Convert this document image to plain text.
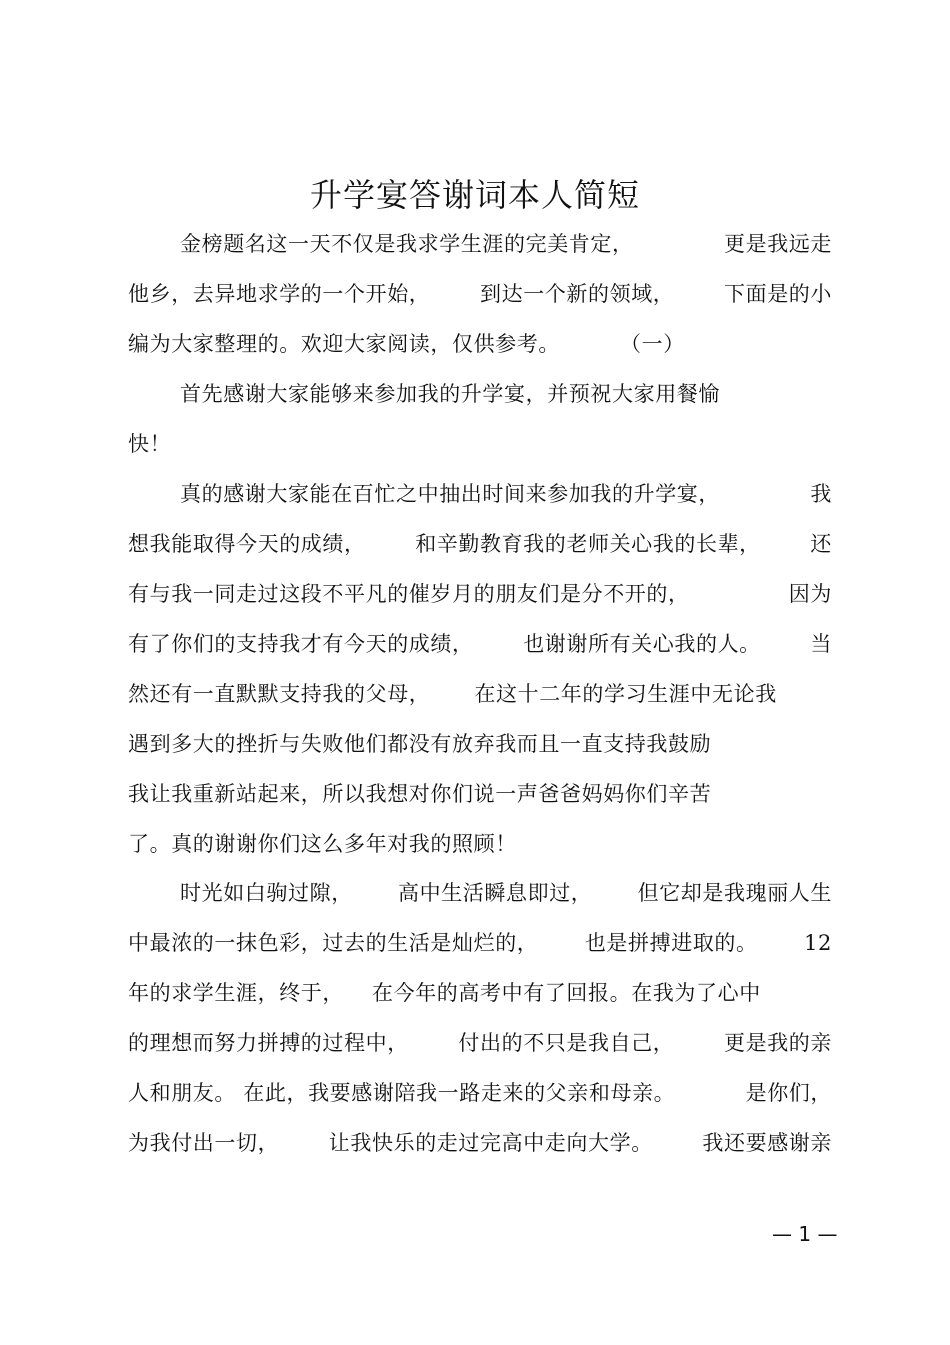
升学宴答谢词本人简短
金榜题名这一天不仅是我求学生涯的完美肯定，	更是我远走
他乡，去异地求学的一个开始， 到达一个新的领域， 下面是的小
编为大家整理的。欢迎大家阅读，仅供参考。	（一）
首先感谢大家能够来参加我的升学宴，并预祝大家用餐愉
快！
真的感谢大家能在百忙之中抽出时间来参加我的升学宴，	我
想我能取得今天的成绩， 和辛勤教育我的老师关心我的长辈， 还
有与我一同走过这段不平凡的催岁月的朋友们是分不开的，	因为
有了你们的支持我才有今天的成绩， 也谢谢所有关心我的人。 当
然还有一直默默支持我的父母， 在这十二年的学习生涯中无论我
遇到多大的挫折与失败他们都没有放弃我而且一直支持我鼓励
我让我重新站起来，所以我想对你们说一声爸爸妈妈你们辛苦
了。真的谢谢你们这么多年对我的照顾！
时光如白驹过隙， 高中生活瞬息即过， 但它却是我瑰丽人生
中最浓的一抹色彩，过去的生活是灿烂的， 也是拼搏进取的。 12
年的求学生涯，终于， 在今年的高考中有了回报。在我为了心中
的理想而努力拼搏的过程中， 付出的不只是我自己， 更是我的亲
人和朋友。 在此，我要感谢陪我一路走来的父亲和母亲。	是你们，
为我付出一切， 让我快乐的走过完高中走向大学。 我还要感谢亲
— 1 —
